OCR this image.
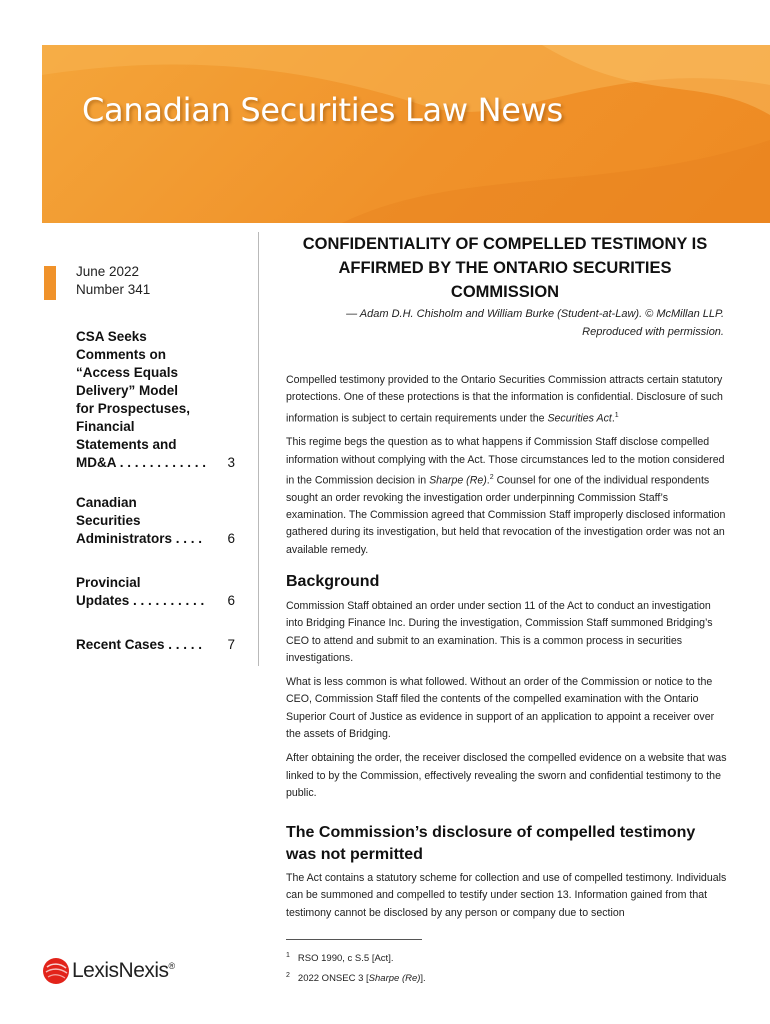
Canadian Securities Law News
June 2022
Number 341
CSA Seeks
Comments on
“Access Equals
Delivery” Model
for Prospectuses,
Financial
Statements and
MD&A . . . . . . . . . . . .	3
Canadian
Securities
Administrators . . . .	6
Provincial
Updates . . . . . . . . . .	6
Recent Cases . . . . .	7
CONFIDENTIALITY OF COMPELLED TESTIMONY IS
AFFIRMED BY THE ONTARIO SECURITIES
COMMISSION
— Adam D.H. Chisholm and William Burke (Student-at-Law). © McMillan LLP.
Reproduced with permission.

Compelled testimony provided to the Ontario Securities Commission attracts certain statutory protections. One of these protections is that the information is confidential. Disclosure of such information is subject to certain requirements under the Securities Act.$^1$

This regime begs the question as to what happens if Commission Staff disclose compelled information without complying with the Act. Those circumstances led to the motion considered in the Commission decision in Sharpe (Re).$^2$ Counsel for one of the individual respondents sought an order revoking the investigation order underpinning Commission Staff’s examination. The Commission agreed that Commission Staff improperly disclosed information gathered during its investigation, but held that revocation of the investigation order was not an available remedy.

Background

Commission Staff obtained an order under section 11 of the Act to conduct an investigation into Bridging Finance Inc. During the investigation, Commission Staff summoned Bridging’s CEO to attend and submit to an examination. This is a common process in securities investigations.

What is less common is what followed. Without an order of the Commission or notice to the CEO, Commission Staff filed the contents of the compelled examination with the Ontario Superior Court of Justice as evidence in support of an application to appoint a receiver over the assets of Bridging.

After obtaining the order, the receiver disclosed the compelled evidence on a website that was linked to by the Commission, effectively revealing the sworn and confidential testimony to the public.

The Commission’s disclosure of compelled testimony was not permitted

The Act contains a statutory scheme for collection and use of compelled testimony. Individuals can be summoned and compelled to testify under section 13. Information gained from that testimony cannot be disclosed by any person or company due to section

$^1$ RSO 1990, c S.5 [Act].
$^2$ 2022 ONSEC 3 [Sharpe (Re)].
LexisNexis®
